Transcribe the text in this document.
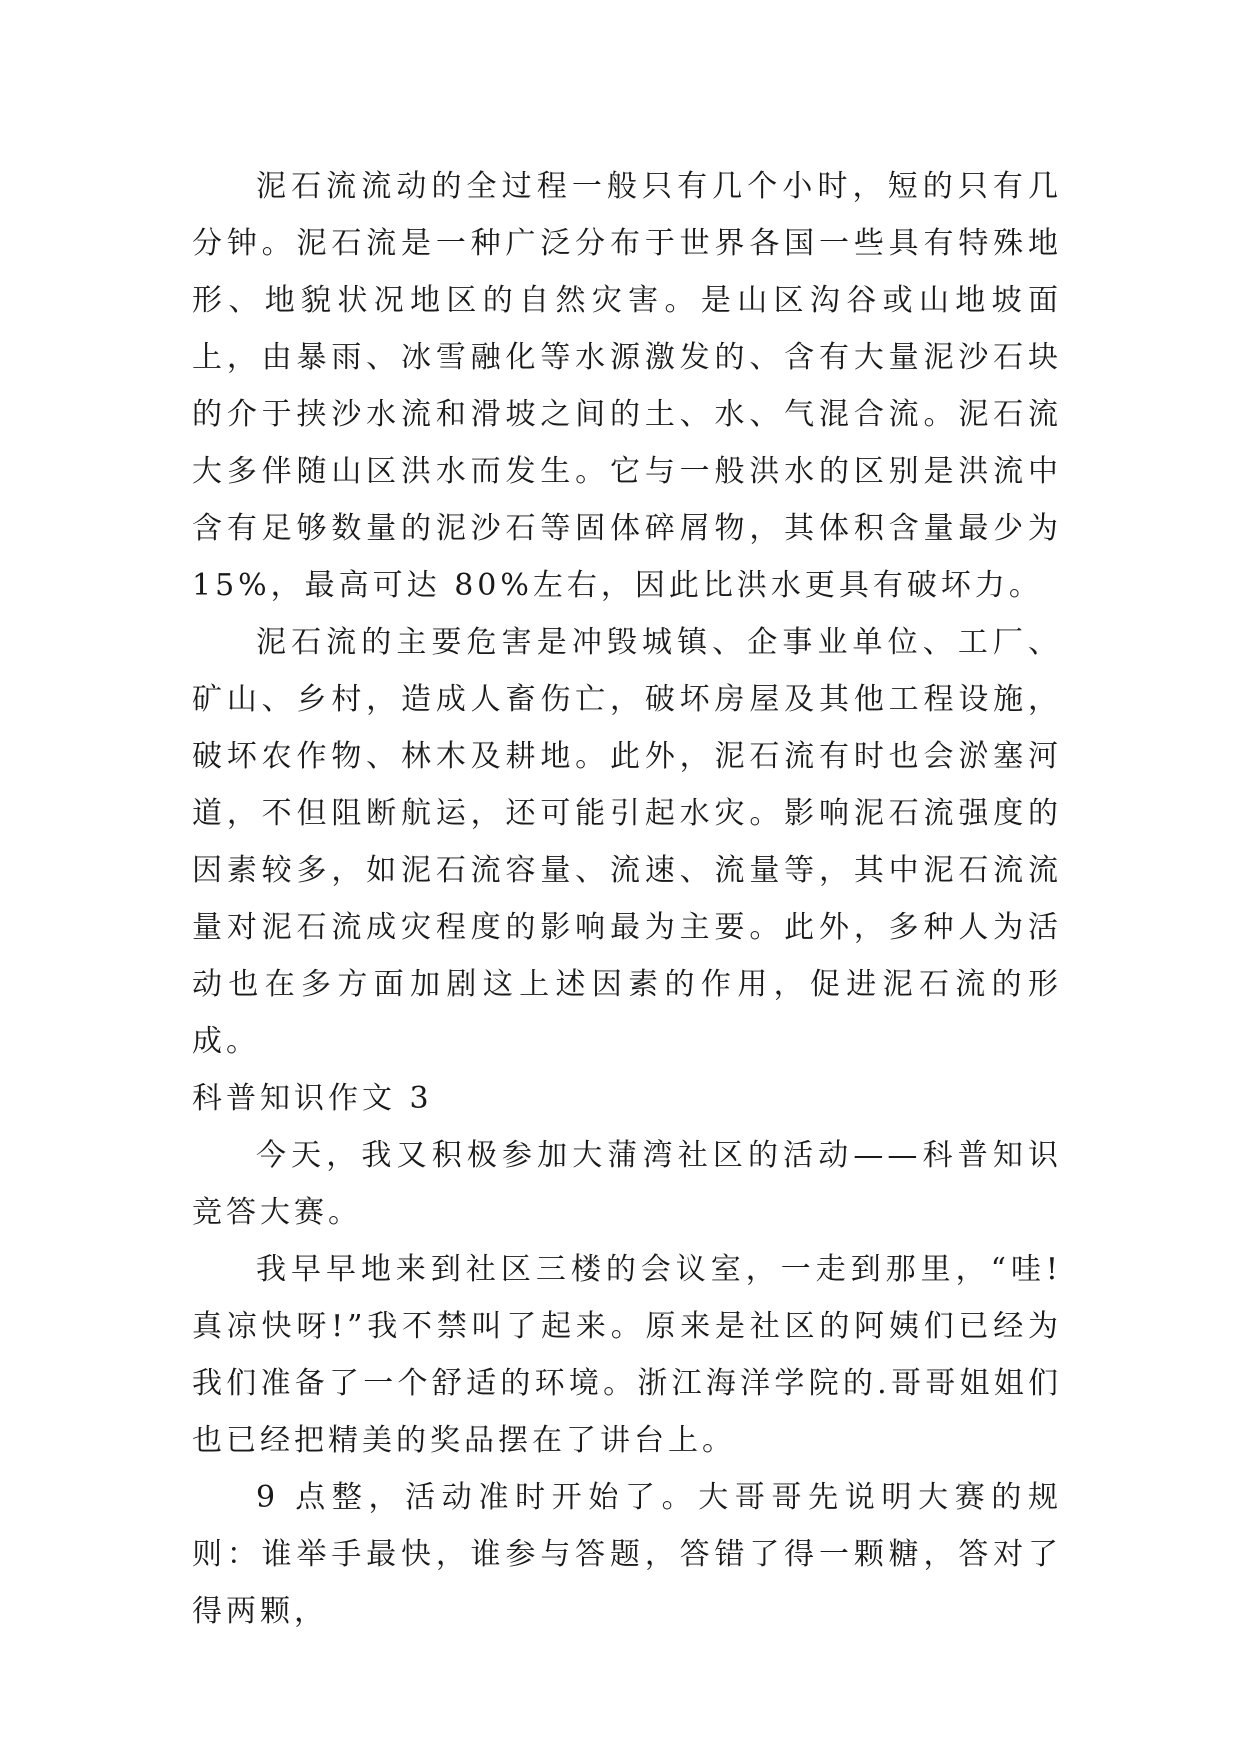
泥石流流动的全过程一般只有几个小时，短的只有几分钟。泥石流是一种广泛分布于世界各国一些具有特殊地形、地貌状况地区的自然灾害。是山区沟谷或山地坡面上，由暴雨、冰雪融化等水源激发的、含有大量泥沙石块的介于挟沙水流和滑坡之间的土、水、气混合流。泥石流大多伴随山区洪水而发生。它与一般洪水的区别是洪流中含有足够数量的泥沙石等固体碎屑物，其体积含量最少为 15%，最高可达 80%左右，因此比洪水更具有破坏力。

泥石流的主要危害是冲毁城镇、企事业单位、工厂、矿山、乡村，造成人畜伤亡，破坏房屋及其他工程设施，破坏农作物、林木及耕地。此外，泥石流有时也会淤塞河道，不但阻断航运，还可能引起水灾。影响泥石流强度的因素较多，如泥石流容量、流速、流量等，其中泥石流流量对泥石流成灾程度的影响最为主要。此外，多种人为活动也在多方面加剧这上述因素的作用，促进泥石流的形成。

科普知识作文 3

今天，我又积极参加大蒲湾社区的活动——科普知识竞答大赛。

我早早地来到社区三楼的会议室，一走到那里，“哇!真凉快呀!”我不禁叫了起来。原来是社区的阿姨们已经为我们准备了一个舒适的环境。浙江海洋学院的.哥哥姐姐们也已经把精美的奖品摆在了讲台上。

9 点整，活动准时开始了。大哥哥先说明大赛的规则：谁举手最快，谁参与答题，答错了得一颗糖，答对了得两颗，
